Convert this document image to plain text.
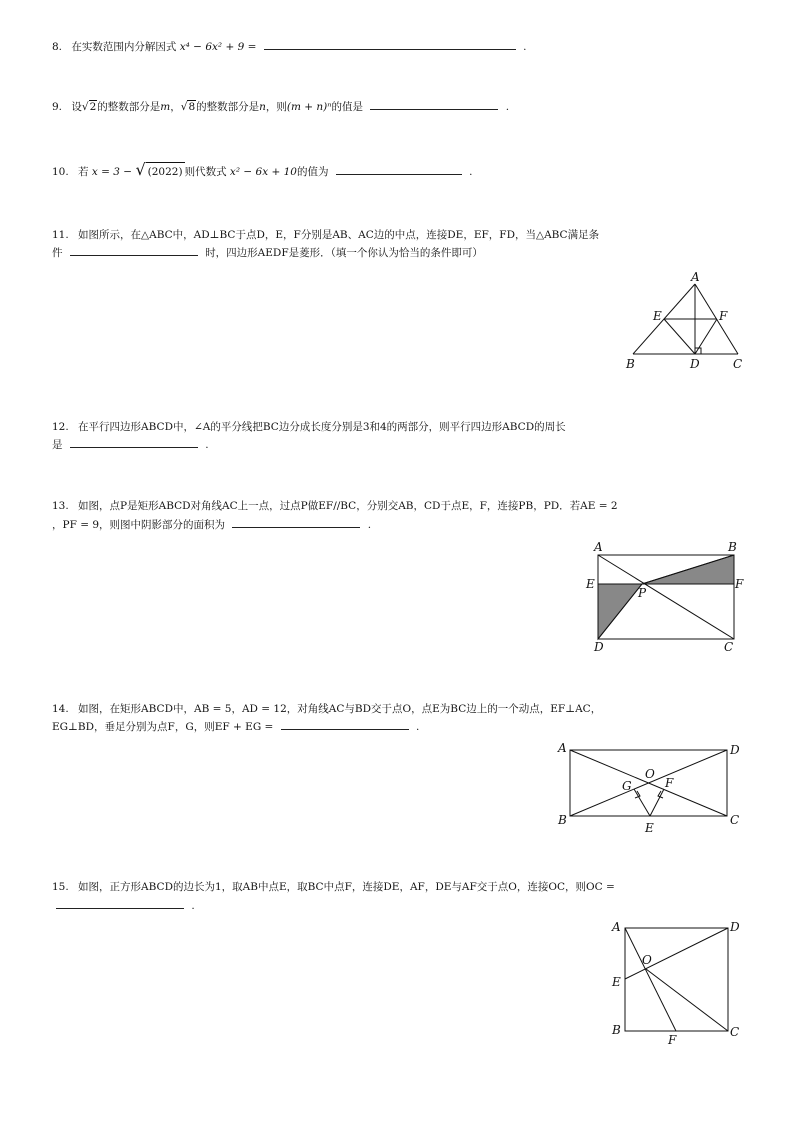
8. 在实数范围内分解因式 x⁴ − 6x² + 9 =	.
9. 设√2的整数部分是m，√8的整数部分是n，则(m + n)ⁿ的值是	.
10. 若 x = 3 − √ (2022) 则代数式 x² − 6x + 10的值为	.
11. 如图所示，在△ABC中，AD⊥BC于点D，E，F分别是AB、AC边的中点，连接DE，EF，FD，当△ABC满足条
件	时，四边形AEDF是菱形．（填一个你认为恰当的条件即可）
A
B	C
D
E	F
12. 在平行四边形ABCD中，∠A的平分线把BC边分成长度分别是3和4的两部分，则平行四边形ABCD的周长
是	.
13. 如图，点P是矩形ABCD对角线AC上一点，过点P做EF//BC，分别交AB，CD于点E，F，连接PB，PD．若AE = 2
，PF = 9，则图中阴影部分的面积为	.
A	B
C
D
E	F
P
14. 如图，在矩形ABCD中，AB = 5，AD = 12，对角线AC与BD交于点O，点E为BC边上的一个动点，EF⊥AC，
EG⊥BD，垂足分别为点F，G，则EF + EG =	.
A	D
B	C
E
G	F
O
15. 如图，正方形ABCD的边长为1，取AB中点E，取BC中点F，连接DE，AF，DE与AF交于点O，连接OC，则OC =
.
A	D
B	C
E
F
O
